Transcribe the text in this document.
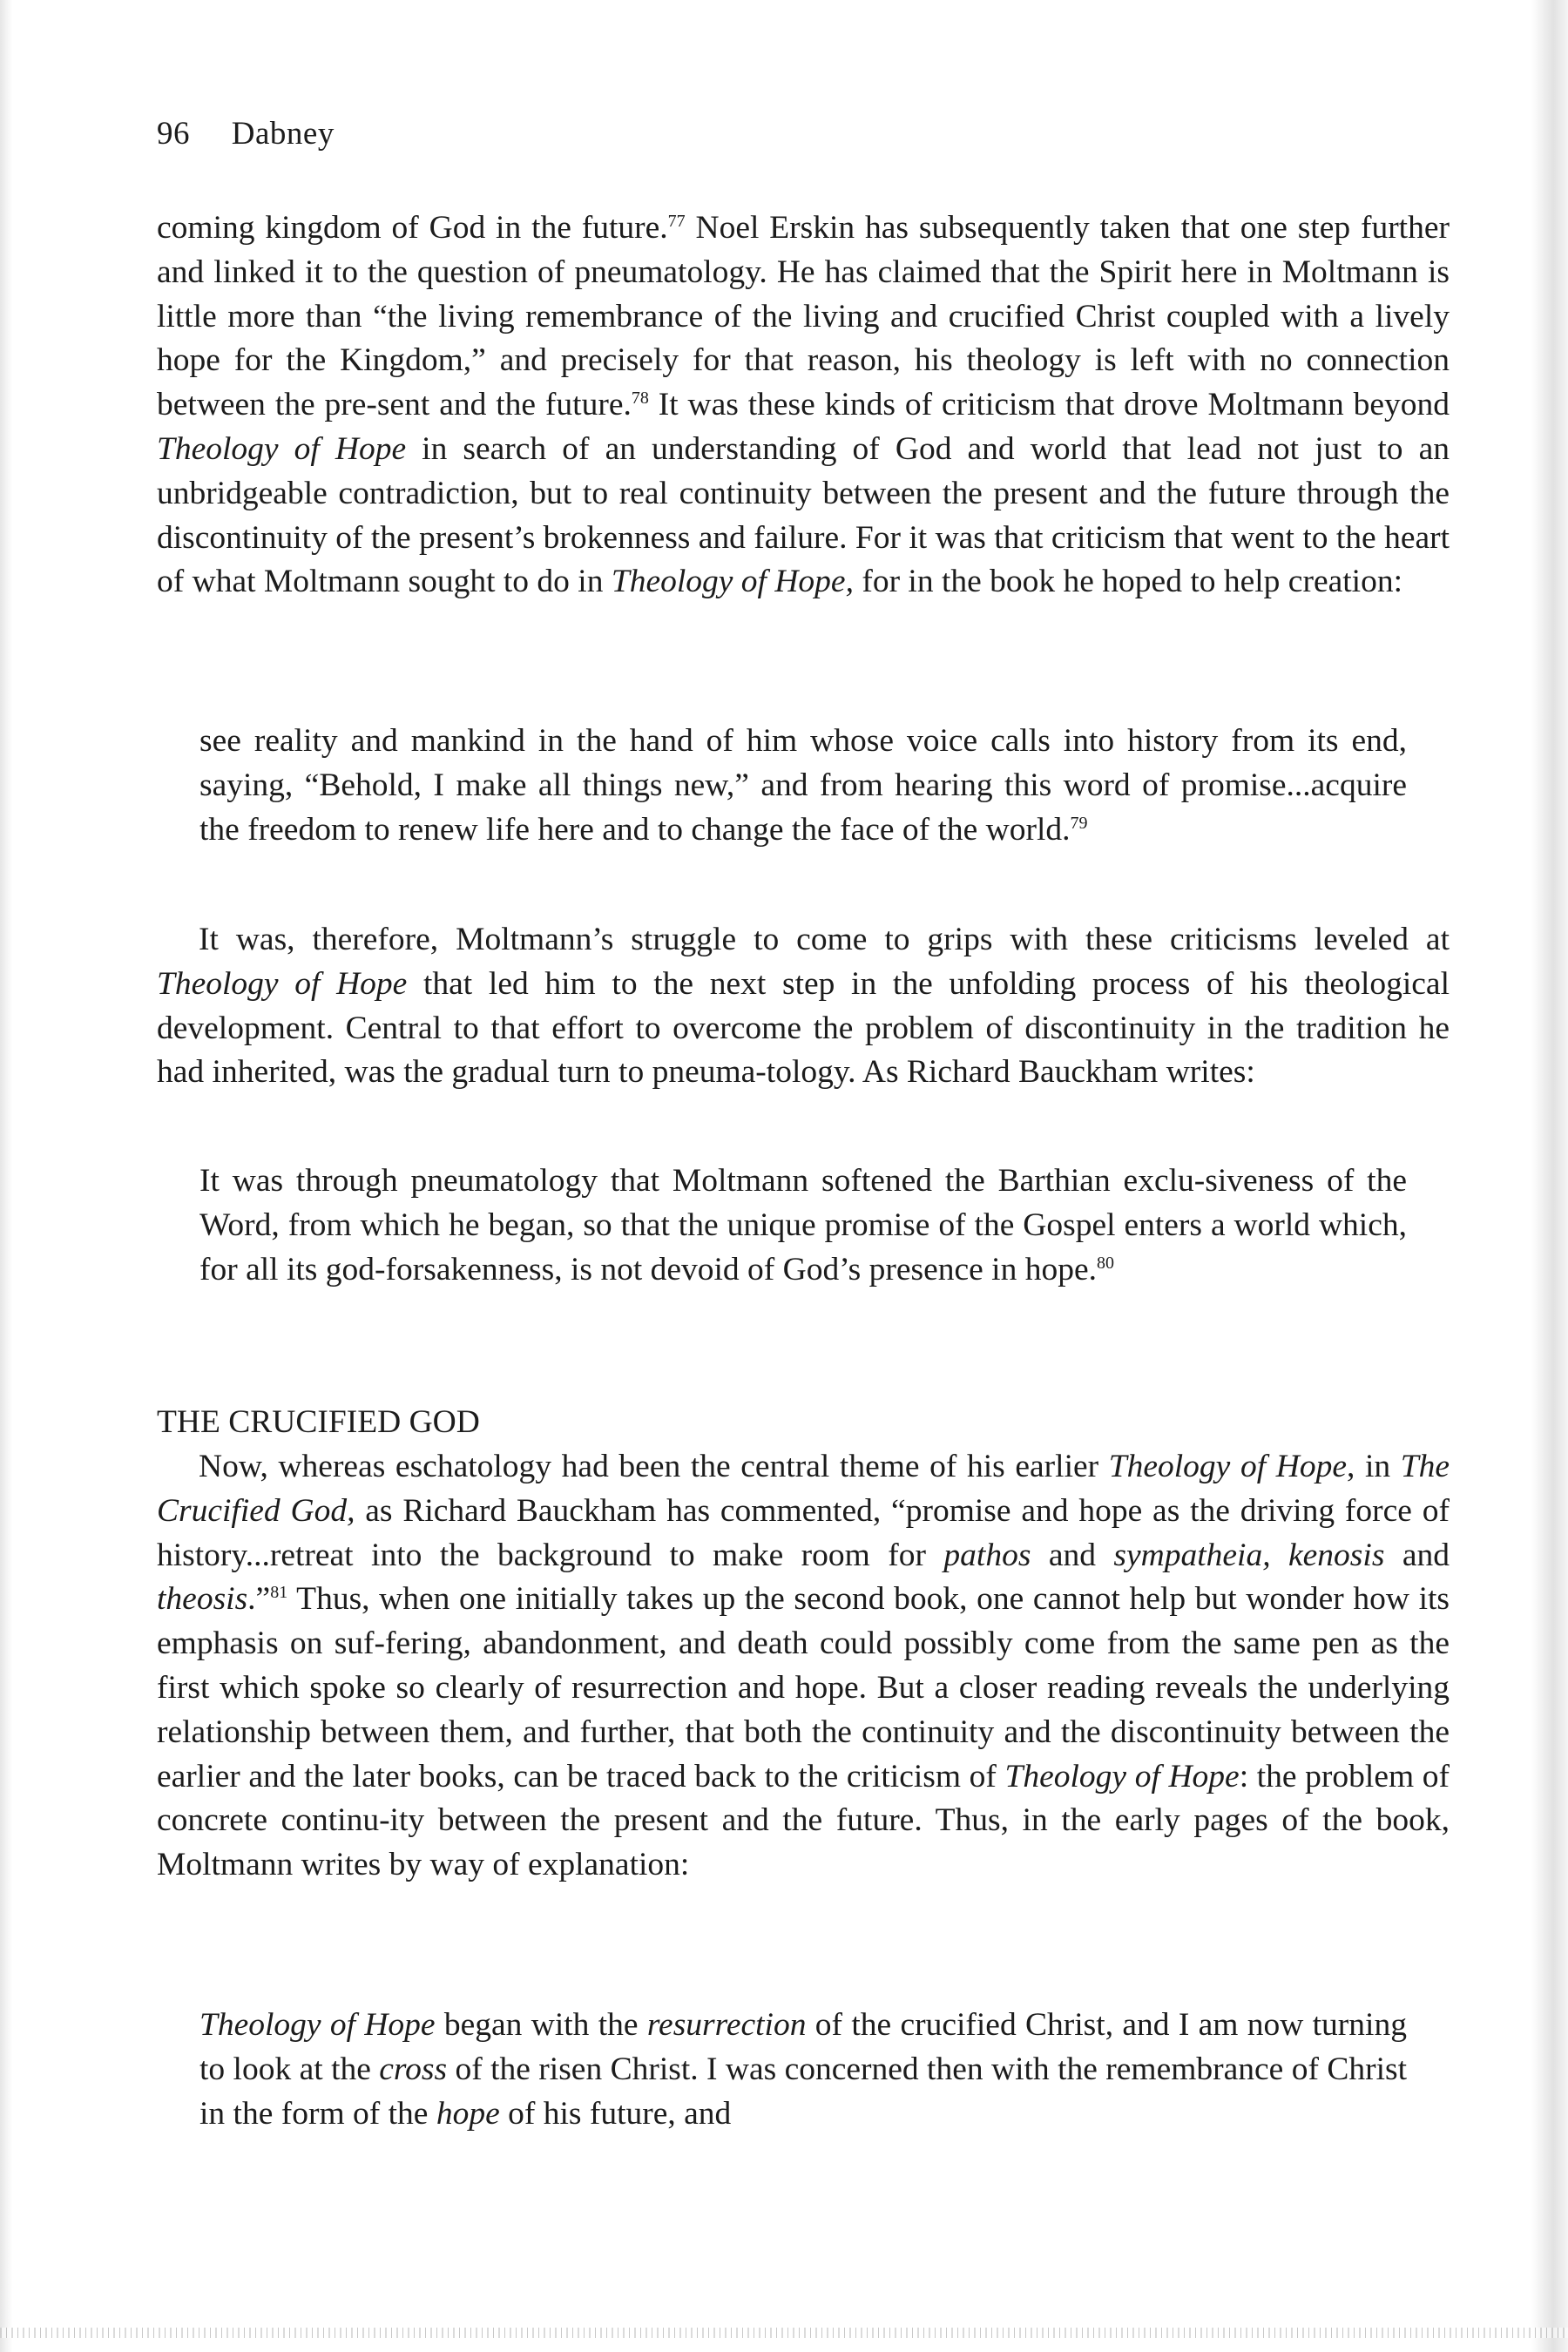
96 Dabney

coming kingdom of God in the future.$^{77}$ Noel Erskin has subsequently taken that one step further and linked it to the question of pneumatology. He has claimed that the Spirit here in Moltmann is little more than “the living remembrance of the living and crucified Christ coupled with a lively hope for the Kingdom,” and precisely for that reason, his theology is left with no connection between the pre-sent and the future.$^{78}$ It was these kinds of criticism that drove Moltmann beyond Theology of Hope in search of an understanding of God and world that lead not just to an unbridgeable contradiction, but to real continuity between the present and the future through the discontinuity of the present’s brokenness and failure. For it was that criticism that went to the heart of what Moltmann sought to do in Theology of Hope, for in the book he hoped to help creation:

see reality and mankind in the hand of him whose voice calls into history from its end, saying, “Behold, I make all things new,” and from hearing this word of promise...acquire the freedom to renew life here and to change the face of the world.$^{79}$

It was, therefore, Moltmann’s struggle to come to grips with these criticisms leveled at Theology of Hope that led him to the next step in the unfolding process of his theological development. Central to that effort to overcome the problem of discontinuity in the tradition he had inherited, was the gradual turn to pneuma-tology. As Richard Bauckham writes:

It was through pneumatology that Moltmann softened the Barthian exclu-siveness of the Word, from which he began, so that the unique promise of the Gospel enters a world which, for all its god-forsakenness, is not devoid of God’s presence in hope.$^{80}$

THE CRUCIFIED GOD

Now, whereas eschatology had been the central theme of his earlier Theology of Hope, in The Crucified God, as Richard Bauckham has commented, “promise and hope as the driving force of history...retreat into the background to make room for pathos and sympatheia, kenosis and theosis.”$^{81}$ Thus, when one initially takes up the second book, one cannot help but wonder how its emphasis on suf-fering, abandonment, and death could possibly come from the same pen as the first which spoke so clearly of resurrection and hope. But a closer reading reveals the underlying relationship between them, and further, that both the continuity and the discontinuity between the earlier and the later books, can be traced back to the criticism of Theology of Hope: the problem of concrete continu-ity between the present and the future. Thus, in the early pages of the book, Moltmann writes by way of explanation:

Theology of Hope began with the resurrection of the crucified Christ, and I am now turning to look at the cross of the risen Christ. I was concerned then with the remembrance of Christ in the form of the hope of his future, and
